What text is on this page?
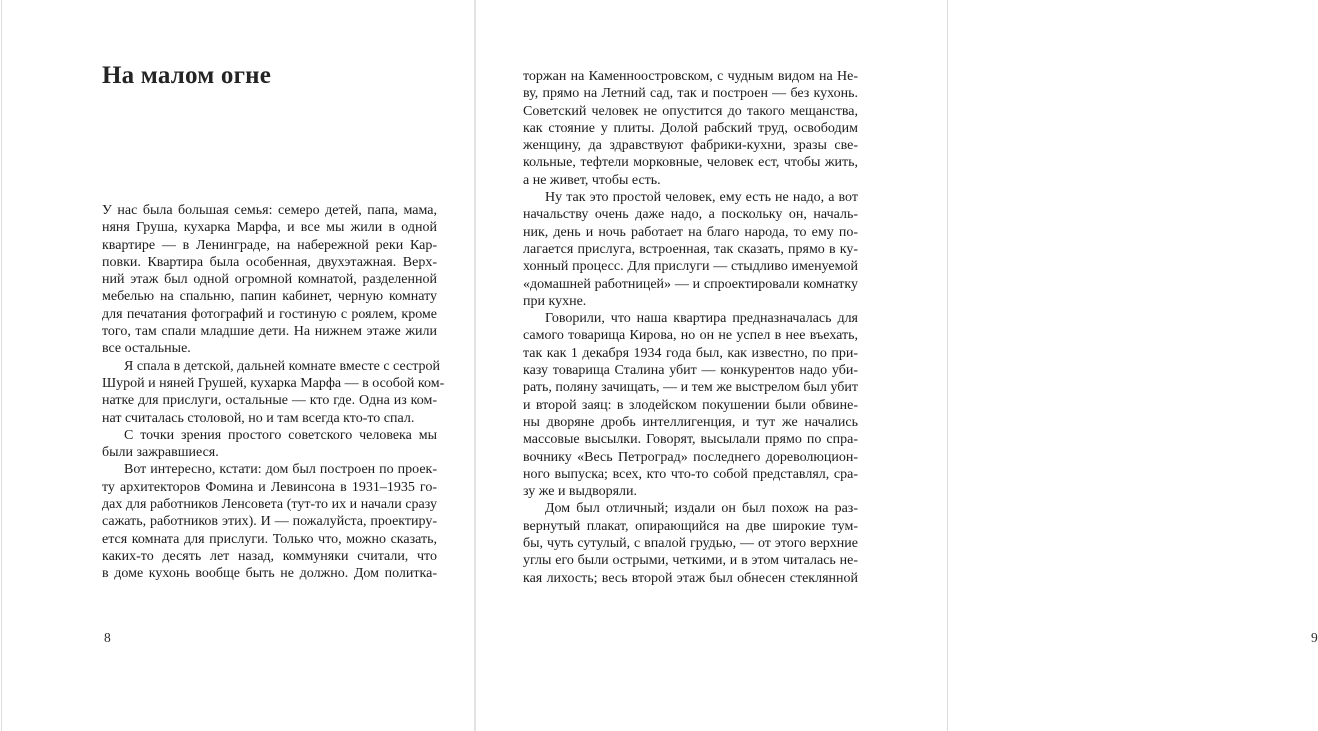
На малом огне
У нас была большая семья: семеро детей, папа, мама,
няня Груша, кухарка Марфа, и все мы жили в одной
квартире — в Ленинграде, на набережной реки Кар-
повки. Квартира была особенная, двухэтажная. Верх-
ний этаж был одной огромной комнатой, разделенной
мебелью на спальню, папин кабинет, черную комнату
для печатания фотографий и гостиную с роялем, кроме
того, там спали младшие дети. На нижнем этаже жили
все остальные.
Я спала в детской, дальней комнате вместе с сестрой
Шурой и няней Грушей, кухарка Марфа — в особой ком-
натке для прислуги, остальные — кто где. Одна из ком-
нат считалась столовой, но и там всегда кто-то спал.
С точки зрения простого советского человека мы
были зажравшиеся.
Вот интересно, кстати: дом был построен по проек-
ту архитекторов Фомина и Левинсона в 1931–1935 го-
дах для работников Ленсовета (тут-то их и начали сразу
сажать, работников этих). И — пожалуйста, проектиру-
ется комната для прислуги. Только что, можно сказать,
каких-то десять лет назад, коммуняки считали, что
в доме кухонь вообще быть не должно. Дом политка-
8
торжан на Каменноостровском, с чудным видом на Не-
ву, прямо на Летний сад, так и построен — без кухонь.
Советский человек не опустится до такого мещанства,
как стояние у плиты. Долой рабский труд, освободим
женщину, да здравствуют фабрики-кухни, зразы све-
кольные, тефтели морковные, человек ест, чтобы жить,
а не живет, чтобы есть.
Ну так это простой человек, ему есть не надо, а вот
начальству очень даже надо, а поскольку он, началь-
ник, день и ночь работает на благо народа, то ему по-
лагается прислуга, встроенная, так сказать, прямо в ку-
хонный процесс. Для прислуги — стыдливо именуемой
«домашней работницей» — и спроектировали комнатку
при кухне.
Говорили, что наша квартира предназначалась для
самого товарища Кирова, но он не успел в нее въехать,
так как 1 декабря 1934 года был, как известно, по при-
казу товарища Сталина убит — конкурентов надо уби-
рать, поляну зачищать, — и тем же выстрелом был убит
и второй заяц: в злодейском покушении были обвине-
ны дворяне дробь интеллигенция, и тут же начались
массовые высылки. Говорят, высылали прямо по спра-
вочнику «Весь Петроград» последнего дореволюцион-
ного выпуска; всех, кто что-то собой представлял, сра-
зу же и выдворяли.
Дом был отличный; издали он был похож на раз-
вернутый плакат, опирающийся на две широкие тум-
бы, чуть сутулый, с впалой грудью, — от этого верхние
углы его были острыми, четкими, и в этом читалась не-
кая лихость; весь второй этаж был обнесен стеклянной
9
